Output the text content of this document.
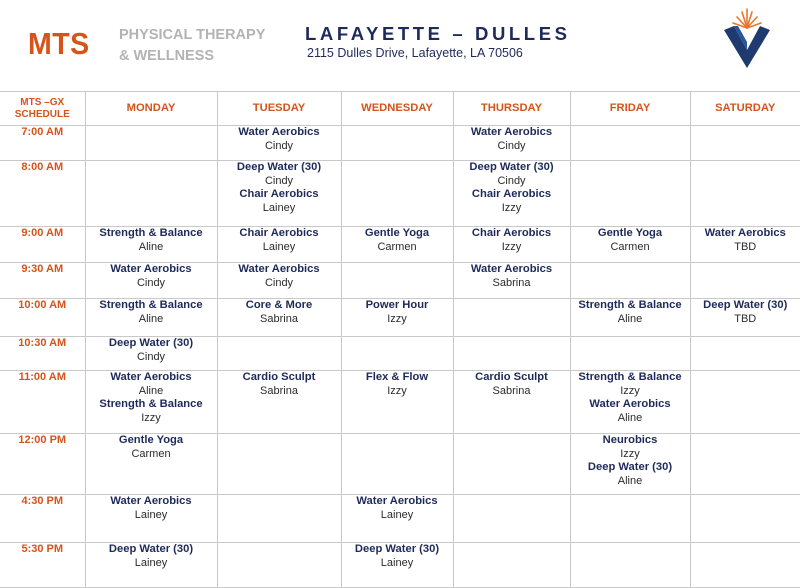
MTS PHYSICAL THERAPY
& WELLNESS
LAFAYETTE – DULLES
2115 Dulles Drive, Lafayette, LA 70506
MTS –GX
SCHEDULE	MONDAY	TUESDAY	WEDNESDAY	THURSDAY	FRIDAY	SATURDAY
7:00 AM		Water Aerobics
Cindy		Water Aerobics
Cindy		

8:00 AM		Deep Water (30)
Cindy
Chair Aerobics
Lainey		Deep Water (30)
Cindy
Chair Aerobics
Izzy		

9:00 AM	Strength & Balance
Aline	Chair Aerobics
Lainey	Gentle Yoga
Carmen	Chair Aerobics
Izzy	Gentle Yoga
Carmen	Water Aerobics
TBD

9:30 AM	Water Aerobics
Cindy	Water Aerobics
Cindy		Water Aerobics
Sabrina		

10:00 AM	Strength & Balance
Aline	Core & More
Sabrina	Power Hour
Izzy		Strength & Balance
Aline	Deep Water (30)
TBD

10:30 AM	Deep Water (30)
Cindy					

11:00 AM	Water Aerobics
Aline
Strength & Balance
Izzy	Cardio Sculpt
Sabrina	Flex & Flow
Izzy	Cardio Sculpt
Sabrina	Strength & Balance
Izzy
Water Aerobics
Aline	

12:00 PM	Gentle Yoga
Carmen				Neurobics
Izzy
Deep Water (30)
Aline	

4:30 PM	Water Aerobics
Lainey		Water Aerobics
Lainey			

5:30 PM	Deep Water (30)
Lainey		Deep Water (30)
Lainey			
